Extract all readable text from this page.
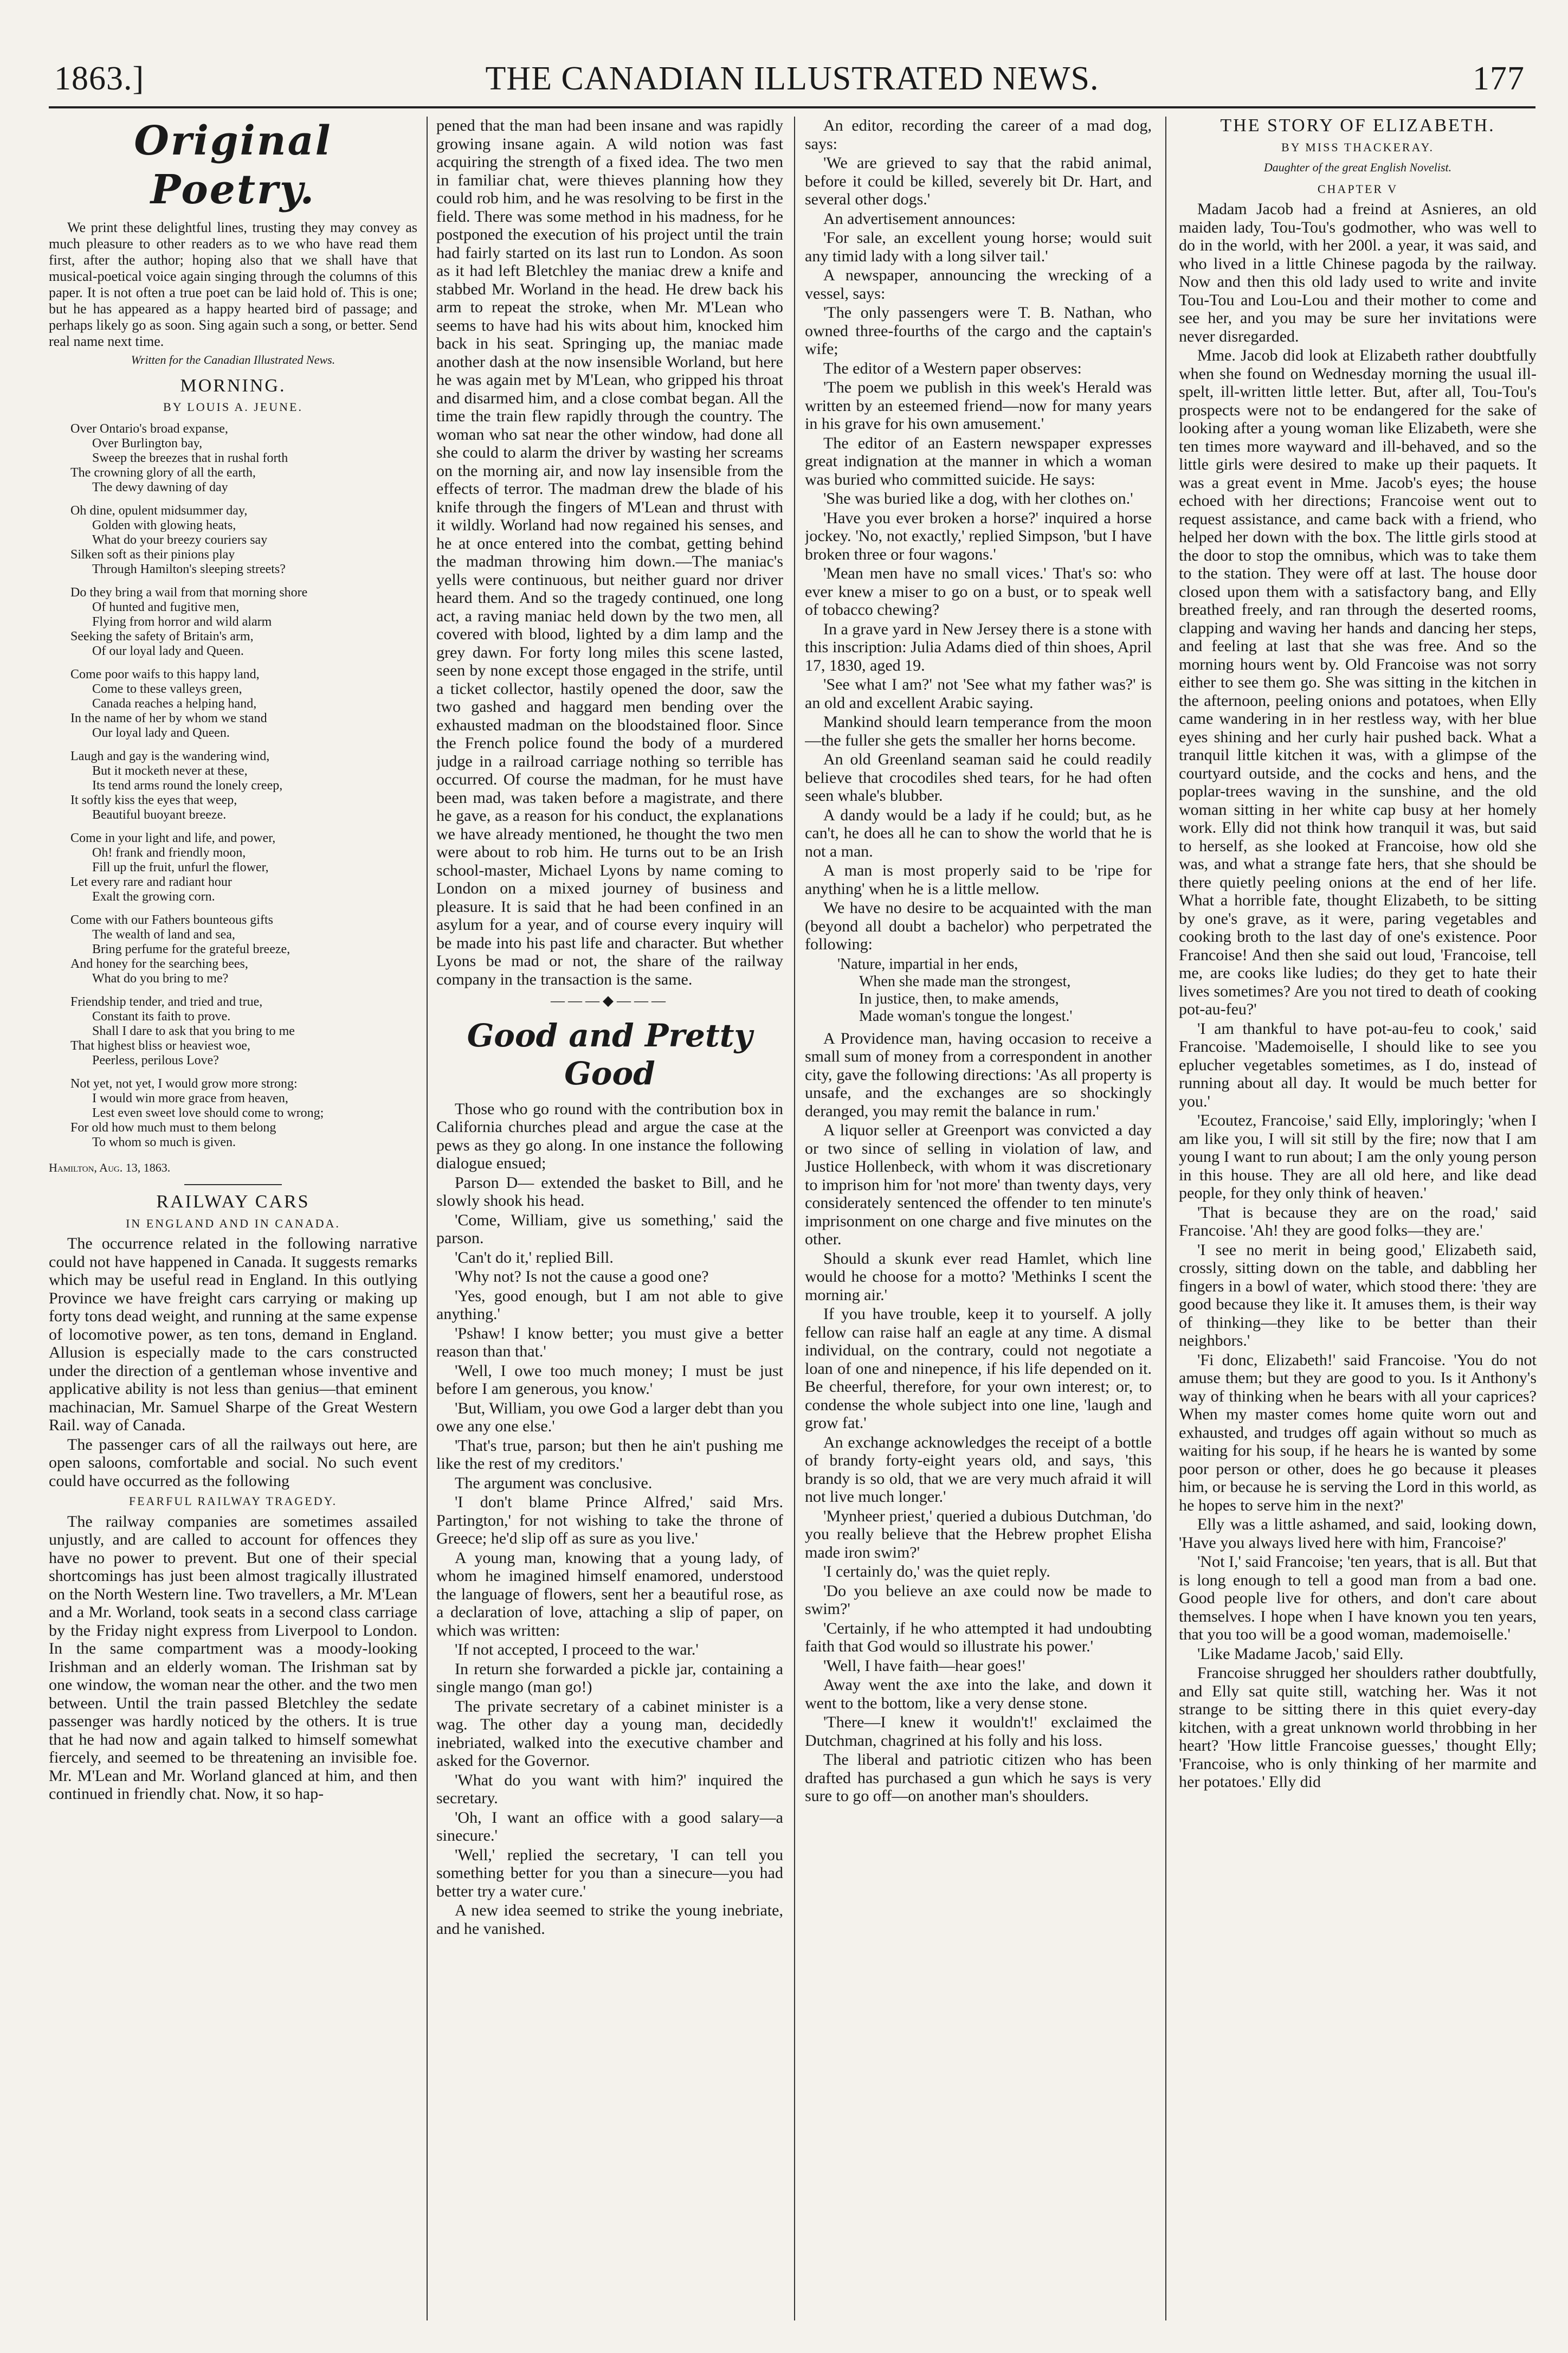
1863.]	THE CANADIAN ILLUSTRATED NEWS.	177
Original Poetry.

We print these delightful lines, trusting they may convey as much pleasure to other readers as to we who have read them first, after the author; hoping also that we shall have that musical-poetical voice again singing through the columns of this paper. It is not often a true poet can be laid hold of. This is one; but he has appeared as a happy hearted bird of passage; and perhaps likely go as soon. Sing again such a song, or better. Send real name next time.

Written for the Canadian Illustrated News.
MORNING.
BY LOUIS A. JEUNE.
Over Ontario's broad expanse,
Over Burlington bay,
Sweep the breezes that in rushal forth
The crowning glory of all the earth,
The dewy dawning of day
Oh dine, opulent midsummer day,
Golden with glowing heats,
What do your breezy couriers say
Silken soft as their pinions play
Through Hamilton's sleeping streets?
Do they bring a wail from that morning shore
Of hunted and fugitive men,
Flying from horror and wild alarm
Seeking the safety of Britain's arm,
Of our loyal lady and Queen.
Come poor waifs to this happy land,
Come to these valleys green,
Canada reaches a helping hand,
In the name of her by whom we stand
Our loyal lady and Queen.
Laugh and gay is the wandering wind,
But it mocketh never at these,
Its tend arms round the lonely creep,
It softly kiss the eyes that weep,
Beautiful buoyant breeze.
Come in your light and life, and power,
Oh! frank and friendly moon,
Fill up the fruit, unfurl the flower,
Let every rare and radiant hour
Exalt the growing corn.
Come with our Fathers bounteous gifts
The wealth of land and sea,
Bring perfume for the grateful breeze,
And honey for the searching bees,
What do you bring to me?
Friendship tender, and tried and true,
Constant its faith to prove.
Shall I dare to ask that you bring to me
That highest bliss or heaviest woe,
Peerless, perilous Love?
Not yet, not yet, I would grow more strong:
I would win more grace from heaven,
Lest even sweet love should come to wrong;
For old how much must to them belong
To whom so much is given.
Hamilton, Aug. 13, 1863.
RAILWAY CARS
IN ENGLAND AND IN CANADA.

The occurrence related in the following narrative could not have happened in Canada. It suggests remarks which may be useful read in England. In this outlying Province we have freight cars carrying or making up forty tons dead weight, and running at the same expense of locomotive power, as ten tons, demand in England. Allusion is especially made to the cars constructed under the direction of a gentleman whose inventive and applicative ability is not less than genius—that eminent machinacian, Mr. Samuel Sharpe of the Great Western Rail. way of Canada.

The passenger cars of all the railways out here, are open saloons, comfortable and social. No such event could have occurred as the following

FEARFUL RAILWAY TRAGEDY.

The railway companies are sometimes assailed unjustly, and are called to account for offences they have no power to prevent. But one of their special shortcomings has just been almost tragically illustrated on the North Western line. Two travellers, a Mr. M'Lean and a Mr. Worland, took seats in a second class carriage by the Friday night express from Liverpool to London. In the same compartment was a moody-looking Irishman and an elderly woman. The Irishman sat by one window, the woman near the other. and the two men between. Until the train passed Bletchley the sedate passenger was hardly noticed by the others. It is true that he had now and again talked to himself somewhat fiercely, and seemed to be threatening an invisible foe. Mr. M'Lean and Mr. Worland glanced at him, and then continued in friendly chat. Now, it so hap-

pened that the man had been insane and was rapidly growing insane again. A wild notion was fast acquiring the strength of a fixed idea. The two men in familiar chat, were thieves planning how they could rob him, and he was resolving to be first in the field. There was some method in his madness, for he postponed the execution of his project until the train had fairly started on its last run to London. As soon as it had left Bletchley the maniac drew a knife and stabbed Mr. Worland in the head. He drew back his arm to repeat the stroke, when Mr. M'Lean who seems to have had his wits about him, knocked him back in his seat. Springing up, the maniac made another dash at the now insensible Worland, but here he was again met by M'Lean, who gripped his throat and disarmed him, and a close combat began. All the time the train flew rapidly through the country. The woman who sat near the other window, had done all she could to alarm the driver by wasting her screams on the morning air, and now lay insensible from the effects of terror. The madman drew the blade of his knife through the fingers of M'Lean and thrust with it wildly. Worland had now regained his senses, and he at once entered into the combat, getting behind the madman throwing him down.—The maniac's yells were continuous, but neither guard nor driver heard them. And so the tragedy continued, one long act, a raving maniac held down by the two men, all covered with blood, lighted by a dim lamp and the grey dawn. For forty long miles this scene lasted, seen by none except those engaged in the strife, until a ticket collector, hastily opened the door, saw the two gashed and haggard men bending over the exhausted madman on the bloodstained floor. Since the French police found the body of a murdered judge in a railroad carriage nothing so terrible has occurred. Of course the madman, for he must have been mad, was taken before a magistrate, and there he gave, as a reason for his conduct, the explanations we have already mentioned, he thought the two men were about to rob him. He turns out to be an Irish school-master, Michael Lyons by name coming to London on a mixed journey of business and pleasure. It is said that he had been confined in an asylum for a year, and of course every inquiry will be made into his past life and character. But whether Lyons be mad or not, the share of the railway company in the transaction is the same.

———◆———
Good and Pretty Good

Those who go round with the contribution box in California churches plead and argue the case at the pews as they go along. In one instance the following dialogue ensued;

Parson D— extended the basket to Bill, and he slowly shook his head.

'Come, William, give us something,' said the parson.

'Can't do it,' replied Bill.

'Why not? Is not the cause a good one?

'Yes, good enough, but I am not able to give anything.'

'Pshaw! I know better; you must give a better reason than that.'

'Well, I owe too much money; I must be just before I am generous, you know.'

'But, William, you owe God a larger debt than you owe any one else.'

'That's true, parson; but then he ain't pushing me like the rest of my creditors.'

The argument was conclusive.

'I don't blame Prince Alfred,' said Mrs. Partington,' for not wishing to take the throne of Greece; he'd slip off as sure as you live.'

A young man, knowing that a young lady, of whom he imagined himself enamored, understood the language of flowers, sent her a beautiful rose, as a declaration of love, attaching a slip of paper, on which was written:

'If not accepted, I proceed to the war.'

In return she forwarded a pickle jar, containing a single mango (man go!)

The private secretary of a cabinet minister is a wag. The other day a young man, decidedly inebriated, walked into the executive chamber and asked for the Governor.

'What do you want with him?' inquired the secretary.

'Oh, I want an office with a good salary—a sinecure.'

'Well,' replied the secretary, 'I can tell you something better for you than a sinecure—you had better try a water cure.'

A new idea seemed to strike the young inebriate, and he vanished.

An editor, recording the career of a mad dog, says:

'We are grieved to say that the rabid animal, before it could be killed, severely bit Dr. Hart, and several other dogs.'

An advertisement announces:

'For sale, an excellent young horse; would suit any timid lady with a long silver tail.'

A newspaper, announcing the wrecking of a vessel, says:

'The only passengers were T. B. Nathan, who owned three-fourths of the cargo and the captain's wife;

The editor of a Western paper observes:

'The poem we publish in this week's Herald was written by an esteemed friend—now for many years in his grave for his own amusement.'

The editor of an Eastern newspaper expresses great indignation at the manner in which a woman was buried who committed suicide. He says:

'She was buried like a dog, with her clothes on.'

'Have you ever broken a horse?' inquired a horse jockey. 'No, not exactly,' replied Simpson, 'but I have broken three or four wagons.'

'Mean men have no small vices.' That's so: who ever knew a miser to go on a bust, or to speak well of tobacco chewing?

In a grave yard in New Jersey there is a stone with this inscription: Julia Adams died of thin shoes, April 17, 1830, aged 19.

'See what I am?' not 'See what my father was?' is an old and excellent Arabic saying.

Mankind should learn temperance from the moon—the fuller she gets the smaller her horns become.

An old Greenland seaman said he could readily believe that crocodiles shed tears, for he had often seen whale's blubber.

A dandy would be a lady if he could; but, as he can't, he does all he can to show the world that he is not a man.

A man is most properly said to be 'ripe for anything' when he is a little mellow.

We have no desire to be acquainted with the man (beyond all doubt a bachelor) who perpetrated the following:

'Nature, impartial in her ends,
When she made man the strongest,
In justice, then, to make amends,
Made woman's tongue the longest.'

A Providence man, having occasion to receive a small sum of money from a correspondent in another city, gave the following directions: 'As all property is unsafe, and the exchanges are so shockingly deranged, you may remit the balance in rum.'

A liquor seller at Greenport was convicted a day or two since of selling in violation of law, and Justice Hollenbeck, with whom it was discretionary to imprison him for 'not more' than twenty days, very considerately sentenced the offender to ten minute's imprisonment on one charge and five minutes on the other.

Should a skunk ever read Hamlet, which line would he choose for a motto? 'Methinks I scent the morning air.'

If you have trouble, keep it to yourself. A jolly fellow can raise half an eagle at any time. A dismal individual, on the contrary, could not negotiate a loan of one and ninepence, if his life depended on it. Be cheerful, therefore, for your own interest; or, to condense the whole subject into one line, 'laugh and grow fat.'

An exchange acknowledges the receipt of a bottle of brandy forty-eight years old, and says, 'this brandy is so old, that we are very much afraid it will not live much longer.'

'Mynheer priest,' queried a dubious Dutchman, 'do you really believe that the Hebrew prophet Elisha made iron swim?'

'I certainly do,' was the quiet reply.

'Do you believe an axe could now be made to swim?'

'Certainly, if he who attempted it had undoubting faith that God would so illustrate his power.'

'Well, I have faith—hear goes!'

Away went the axe into the lake, and down it went to the bottom, like a very dense stone.

'There—I knew it wouldn't!' exclaimed the Dutchman, chagrined at his folly and his loss.

The liberal and patriotic citizen who has been drafted has purchased a gun which he says is very sure to go off—on another man's shoulders.

THE STORY OF ELIZABETH.
BY MISS THACKERAY.
Daughter of the great English Novelist.
CHAPTER V

Madam Jacob had a freind at Asnieres, an old maiden lady, Tou-Tou's godmother, who was well to do in the world, with her 200l. a year, it was said, and who lived in a little Chinese pagoda by the railway. Now and then this old lady used to write and invite Tou-Tou and Lou-Lou and their mother to come and see her, and you may be sure her invitations were never disregarded.

Mme. Jacob did look at Elizabeth rather doubtfully when she found on Wednesday morning the usual ill-spelt, ill-written little letter. But, after all, Tou-Tou's prospects were not to be endangered for the sake of looking after a young woman like Elizabeth, were she ten times more wayward and ill-behaved, and so the little girls were desired to make up their paquets. It was a great event in Mme. Jacob's eyes; the house echoed with her directions; Francoise went out to request assistance, and came back with a friend, who helped her down with the box. The little girls stood at the door to stop the omnibus, which was to take them to the station. They were off at last. The house door closed upon them with a satisfactory bang, and Elly breathed freely, and ran through the deserted rooms, clapping and waving her hands and dancing her steps, and feeling at last that she was free. And so the morning hours went by. Old Francoise was not sorry either to see them go. She was sitting in the kitchen in the afternoon, peeling onions and potatoes, when Elly came wandering in in her restless way, with her blue eyes shining and her curly hair pushed back. What a tranquil little kitchen it was, with a glimpse of the courtyard outside, and the cocks and hens, and the poplar-trees waving in the sunshine, and the old woman sitting in her white cap busy at her homely work. Elly did not think how tranquil it was, but said to herself, as she looked at Francoise, how old she was, and what a strange fate hers, that she should be there quietly peeling onions at the end of her life. What a horrible fate, thought Elizabeth, to be sitting by one's grave, as it were, paring vegetables and cooking broth to the last day of one's existence. Poor Francoise! And then she said out loud, 'Francoise, tell me, are cooks like ludies; do they get to hate their lives sometimes? Are you not tired to death of cooking pot-au-feu?'

'I am thankful to have pot-au-feu to cook,' said Francoise. 'Mademoiselle, I should like to see you eplucher vegetables sometimes, as I do, instead of running about all day. It would be much better for you.'

'Ecoutez, Francoise,' said Elly, imploringly; 'when I am like you, I will sit still by the fire; now that I am young I want to run about; I am the only young person in this house. They are all old here, and like dead people, for they only think of heaven.'

'That is because they are on the road,' said Francoise. 'Ah! they are good folks—they are.'

'I see no merit in being good,' Elizabeth said, crossly, sitting down on the table, and dabbling her fingers in a bowl of water, which stood there: 'they are good because they like it. It amuses them, is their way of thinking—they like to be better than their neighbors.'

'Fi donc, Elizabeth!' said Francoise. 'You do not amuse them; but they are good to you. Is it Anthony's way of thinking when he bears with all your caprices? When my master comes home quite worn out and exhausted, and trudges off again without so much as waiting for his soup, if he hears he is wanted by some poor person or other, does he go because it pleases him, or because he is serving the Lord in this world, as he hopes to serve him in the next?'

Elly was a little ashamed, and said, looking down, 'Have you always lived here with him, Francoise?'

'Not I,' said Francoise; 'ten years, that is all. But that is long enough to tell a good man from a bad one. Good people live for others, and don't care about themselves. I hope when I have known you ten years, that you too will be a good woman, mademoiselle.'

'Like Madame Jacob,' said Elly.

Francoise shrugged her shoulders rather doubtfully, and Elly sat quite still, watching her. Was it not strange to be sitting there in this quiet every-day kitchen, with a great unknown world throbbing in her heart? 'How little Francoise guesses,' thought Elly; 'Francoise, who is only thinking of her marmite and her potatoes.' Elly did
